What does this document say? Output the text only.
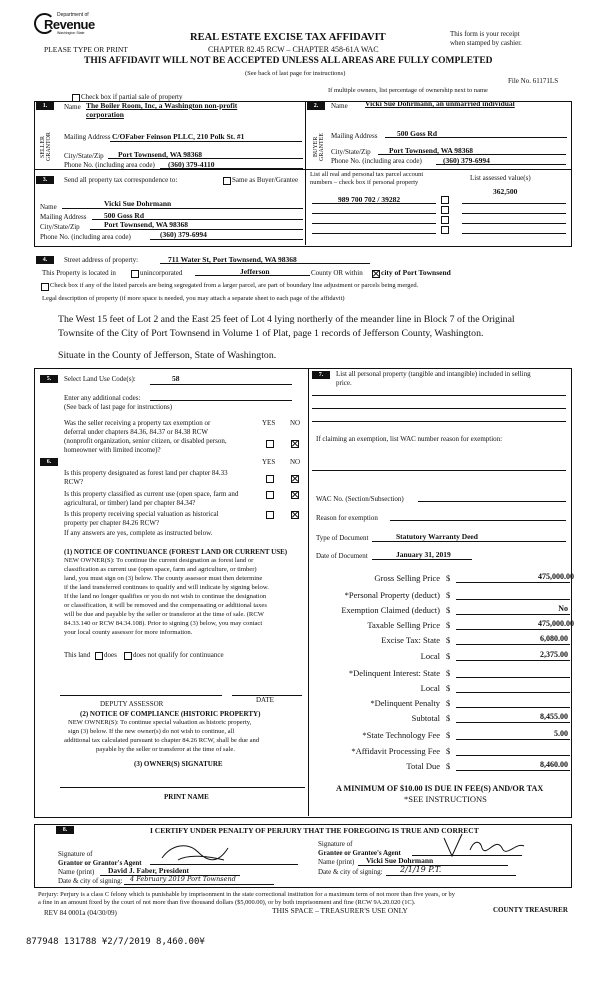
Department of
Revenue
Washington State	This form is your receipt
when stamped by cashier.
PLEASE TYPE OR PRINT
REAL ESTATE EXCISE TAX AFFIDAVIT
CHAPTER 82.45 RCW – CHAPTER 458-61A WAC
THIS AFFIDAVIT WILL NOT BE ACCEPTED UNLESS ALL AREAS ARE FULLY COMPLETED
(See back of last page for instructions)
File No. 61171LS
Check box if partial sale of property
If multiple owners, list percentage of ownership next to name
1.
SELLER GRANTOR
Name The Boiler Room, Inc, a Washington non-profit
corporation
Mailing Address C/OFaber Feinson PLLC, 210 Polk St. #1
City/State/Zip Port Townsend, WA 98368
Phone No. (including area code) (360) 379-4110
2.
BUYER GRANTEE
Name Vicki Sue Dohrmann, an unmarried individual
Mailing Address	500 Goss Rd
City/State/Zip Port Townsend, WA 98368
Phone No. (including area code)	(360) 379-6994
3.	Send all property tax correspondence to:	Same as Buyer/Grantee
Name	Vicki Sue Dohrmann
Mailing Address 500 Goss Rd
City/State/Zip	Port Townsend, WA 98368
Phone No. (including area code)	(360) 379-6994
List all real and personal tax parcel account
numbers – check box if personal property
List assessed value(s)
362,500
989 700 702 / 39282
4.	Street address of property:	711 Water St, Port Townsend, WA 98368
This Property is located in	unincorporated	Jefferson	County OR within city of Port Townsend
Check box if any of the listed parcels are being segregated from a larger parcel, are part of boundary line adjustment or parcels being merged.
Legal description of property (if more space is needed, you may attach a separate sheet to each page of the affidavit)
The West 15 feet of Lot 2 and the East 25 feet of Lot 4 lying northerly of the meander line in Block 7 of the Original
Townsite of the City of Port Townsend in Volume 1 of Plat, page 1 records of Jefferson County, Washington.
Situate in the County of Jefferson, State of Washington.
5.	Select Land Use Code(s):	58
Enter any additional codes:
(See back of last page for instructions)
YES NO
Was the seller receiving a property tax exemption or
deferral under chapters 84.36, 84.37 or 84.38 RCW
(nonprofit organization, senior citizen, or disabled person,
homeowner with limited income)?
6.	YES NO
Is this property designated as forest land per chapter 84.33
RCW?
Is this property classified as current use (open space, farm and
agricultural, or timber) land per chapter 84.34?
Is this property receiving special valuation as historical
property per chapter 84.26 RCW?
If any answers are yes, complete as instructed below.
(1) NOTICE OF CONTINUANCE (FOREST LAND OR CURRENT USE)
NEW OWNER(S): To continue the current designation as forest land or
classification as current use (open space, farm and agriculture, or timber)
land, you must sign on (3) below. The county assessor must then determine
if the land transferred continues to qualify and will indicate by signing below.
If the land no longer qualifies or you do not wish to continue the designation
or classification, it will be removed and the compensating or additional taxes
will be due and payable by the seller or transferor at the time of sale. (RCW
84.33.140 or RCW 84.34.108). Prior to signing (3) below, you may contact
your local county assessor for more information.
This land does does not qualify for continuance
DEPUTY ASSESSOR	DATE
(2) NOTICE OF COMPLIANCE (HISTORIC PROPERTY)
NEW OWNER(S): To continue special valuation as historic property,
sign (3) below. If the new owner(s) do not wish to continue, all
additional tax calculated pursuant to chapter 84.26 RCW, shall be due and
payable by the seller or transferor at the time of sale.
(3) OWNER(S) SIGNATURE
PRINT NAME
7.	List all personal property (tangible and intangible) included in selling
price.
If claiming an exemption, list WAC number reason for exemption:
WAC No. (Section/Subsection)
Reason for exemption
Type of Document	Statutory Warranty Deed
Date of Document	January 31, 2019
Gross Selling Price $	475,000.00
*Personal Property (deduct) $
Exemption Claimed (deduct) $	No
Taxable Selling Price $	475,000.00
Excise Tax: State $	6,080.00
Local $	2,375.00
*Delinquent Interest: State $
Local $
*Delinquent Penalty $
Subtotal $	8,455.00
*State Technology Fee $	5.00
*Affidavit Processing Fee $
Total Due $	8,460.00
A MINIMUM OF $10.00 IS DUE IN FEE(S) AND/OR TAX
*SEE INSTRUCTIONS
8.	I CERTIFY UNDER PENALTY OF PERJURY THAT THE FOREGOING IS TRUE AND CORRECT
Signature of
Grantor or Grantor's Agent
Name (print) David J. Faber, President
Date & city of signing: 4 February 2019 Port Townsend
Signature of
Grantee or Grantee's Agent
Name (print) Vicki Sue Dohrmann
Date & city of signing: 2/1/19 P.T.
Perjury: Perjury is a class C felony which is punishable by imprisonment in the state correctional institution for a maximum term of not more than five years, or by
a fine in an amount fixed by the court of not more than five thousand dollars ($5,000.00), or by both imprisonment and fine (RCW 9A.20.020 (1C).
REV 84 0001a (04/30/09)	THIS SPACE – TREASURER'S USE ONLY	COUNTY TREASURER
877948 131788 ¥2/7/2019 8,460.00¥
